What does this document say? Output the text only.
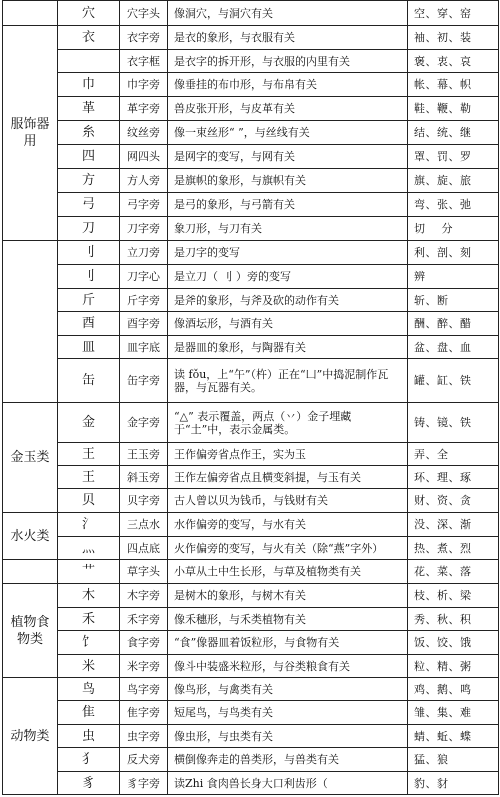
	穴	穴字头	像洞穴，与洞穴有关	空、穿、窑
服饰器用	衣	衣字旁	是衣的象形，与衣服有关	袖、初、装
		衣字框	是衣字的拆开形，与衣服的内里有关	褒、衷、哀
	巾	巾字旁	像垂挂的布巾形，与布帛有关	帐、幕、帜
	革	革字旁	兽皮张开形，与皮革有关	鞋、鞭、勒
	糸	纹丝旁	像一束丝形“ ”，与丝线有关	结、统、继
	四	网四头	是网字的变写，与网有关	罩、罚、罗
	方	方人旁	是旗帜的象形，与旗帜有关	旗、旋、旅
	弓	弓字旁	是弓的象形，与弓箭有关	弯、张、弛
	刀	刀字旁	象刀形，与刀有关	切    分
	刂	立刀旁	是刀字的变写	利、剖、刻
	刂	刀字心	是立刀（ 刂 ）旁的变写	辨
	斤	斤字旁	是斧的象形，与斧及砍的动作有关	斩、断
	酉	酉字旁	像酒坛形，与酒有关	酬、醉、醋
	皿	皿字底	是器皿的象形，与陶器有关	盆、盘、血
	缶	缶字旁	读 fǒu，上“午”（杵）正在“凵”中捣泥制作瓦器，与瓦器有关。	罐、缸、铁
金玉类	金	金字旁	“△” 表示覆盖，两点（丷）金子埋藏于“土”中，表示金属类。	铸、镜、铁
	王	王玉旁	王作偏旁省点作王，实为玉	弄、全
	王	斜玉旁	王作左偏旁省点且横变斜提，与玉有关	环、理、琢
	贝	贝字旁	古人曾以贝为钱币，与钱财有关	财、资、贪
水火类	氵	三点水	水作偏旁的变写，与水有关	没、深、渐
	灬	四点底	火作偏旁的变写，与火有关（除“燕”字外）	热、煮、烈
	艹	草字头	小草从土中生长形，与草及植物类有关	花、菜、落
植物食物类	木	木字旁	是树木的象形，与树木有关	枝、析、梁
	禾	禾字旁	像禾穗形，与禾类植物有关	秀、秋、积
	饣	食字旁	“食”像器皿着饭粒形，与食物有关	饭、饺、饿
	米	米字旁	像斗中装盛米粒形，与谷类粮食有关	粒、精、粥
动物类	鸟	鸟字旁	像鸟形，与禽类有关	鸡、鹅、鸣
	隹	隹字旁	短尾鸟，与鸟类有关	雏、集、难
	虫	虫字旁	像虫形，与虫类有关	蜻、蚯、蝶
	犭	反犬旁	横倒像奔走的兽类形，与兽类有关	猛、狼
	豸	豸字旁	读Zhi 食肉兽长身大口利齿形（	豹、豺
